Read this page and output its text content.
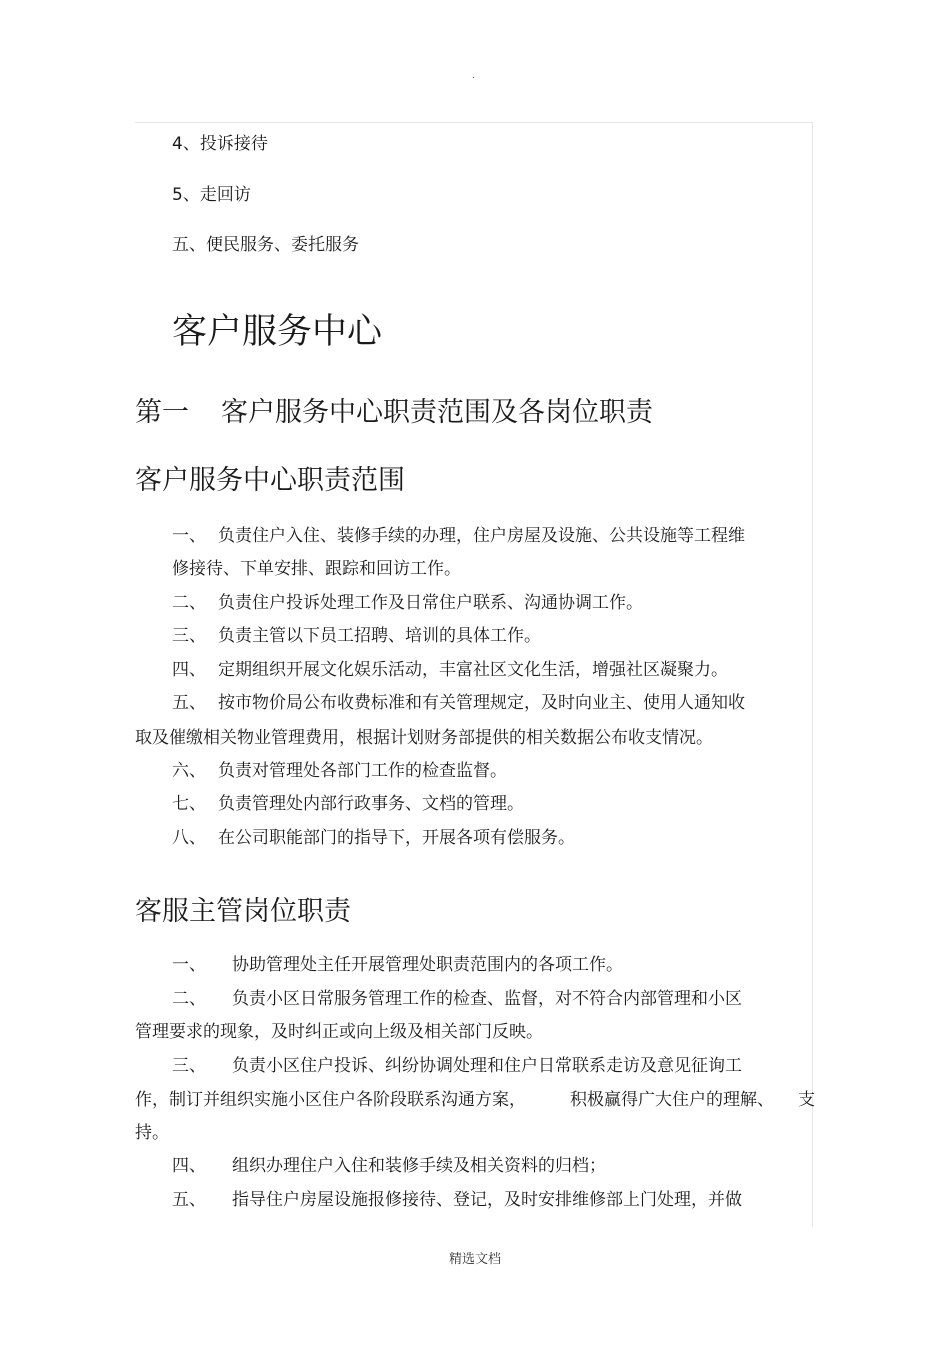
.
4、投诉接待
5、走回访
五、便民服务、委托服务
客户服务中心
第一 客户服务中心职责范围及各岗位职责
客户服务中心职责范围
一、 负责住户入住、装修手续的办理，住户房屋及设施、公共设施等工程维
修接待、下单安排、跟踪和回访工作。
二、 负责住户投诉处理工作及日常住户联系、沟通协调工作。
三、 负责主管以下员工招聘、培训的具体工作。
四、 定期组织开展文化娱乐活动，丰富社区文化生活，增强社区凝聚力。
五、 按市物价局公布收费标准和有关管理规定，及时向业主、使用人通知收
取及催缴相关物业管理费用，根据计划财务部提供的相关数据公布收支情况。
六、 负责对管理处各部门工作的检查监督。
七、 负责管理处内部行政事务、文档的管理。
八、 在公司职能部门的指导下，开展各项有偿服务。
客服主管岗位职责
一、 协助管理处主任开展管理处职责范围内的各项工作。
二、 负责小区日常服务管理工作的检查、监督，对不符合内部管理和小区
管理要求的现象，及时纠正或向上级及相关部门反映。
三、 负责小区住户投诉、纠纷协调处理和住户日常联系走访及意见征询工
作，制订并组织实施小区住户各阶段联系沟通方案，	积极赢得广大住户的理解、 支
持。
四、 组织办理住户入住和装修手续及相关资料的归档；
五、 指导住户房屋设施报修接待、登记，及时安排维修部上门处理，并做
精选文档
